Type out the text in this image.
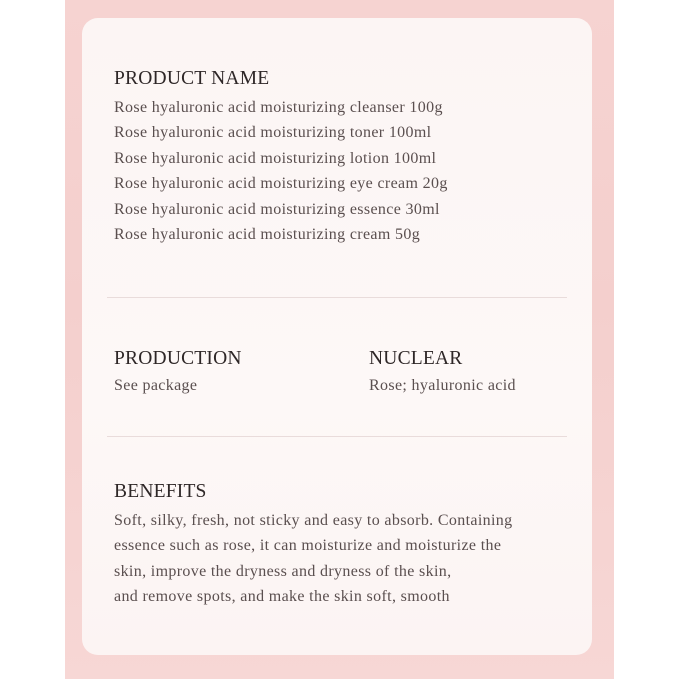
PRODUCT NAME
Rose hyaluronic acid moisturizing cleanser 100g
Rose hyaluronic acid moisturizing toner 100ml
Rose hyaluronic acid moisturizing lotion 100ml
Rose hyaluronic acid moisturizing eye cream 20g
Rose hyaluronic acid moisturizing essence 30ml
Rose hyaluronic acid moisturizing cream 50g
PRODUCTION
See package
NUCLEAR
Rose; hyaluronic acid
BENEFITS
Soft, silky, fresh, not sticky and easy to absorb. Containing
essence such as rose, it can moisturize and moisturize the
skin, improve the dryness and dryness of the skin,
and remove spots, and make the skin soft, smooth
